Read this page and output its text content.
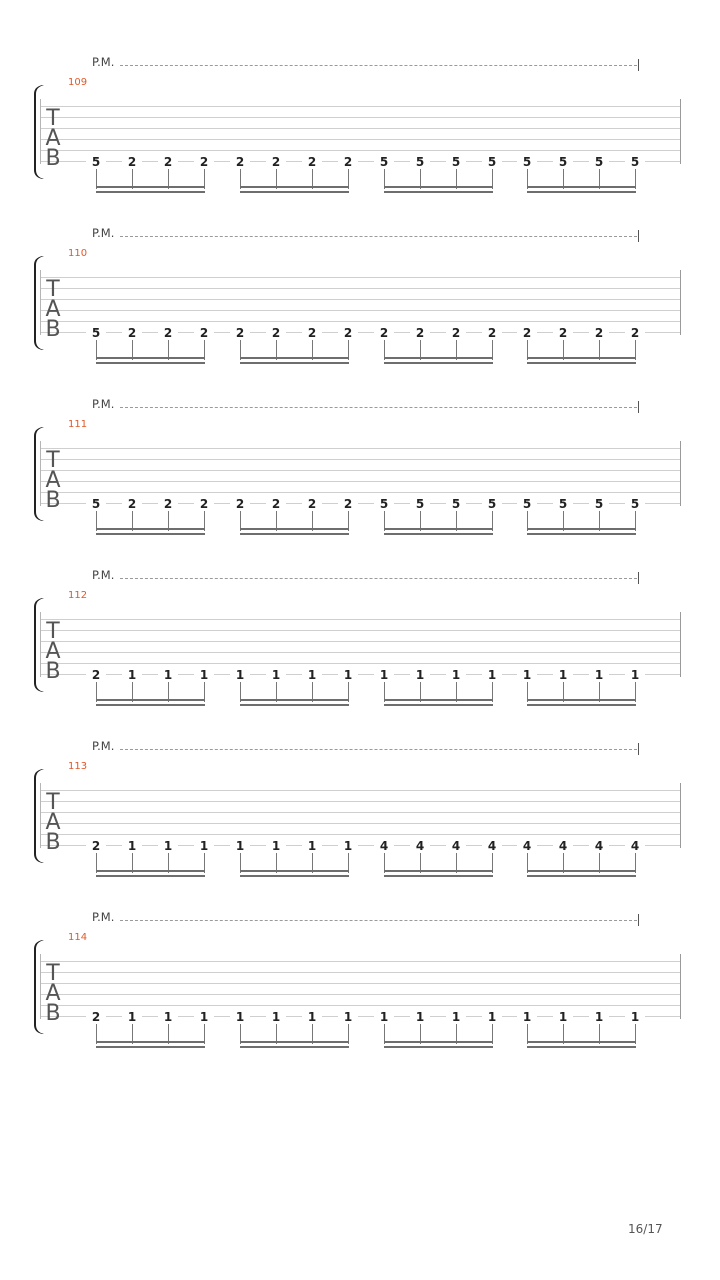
P.M.
109
T
A
B	5	2	2	2	2	2	2	2	5	5	5	5	5	5	5	5
P.M.
110
T
A
B	5	2	2	2	2	2	2	2	2	2	2	2	2	2	2	2
P.M.
111
T
A
B	5	2	2	2	2	2	2	2	5	5	5	5	5	5	5	5
P.M.
112
T
A
B	2	1	1	1	1	1	1	1	1	1	1	1	1	1	1	1
P.M.
113
T
A
B	2	1	1	1	1	1	1	1	4	4	4	4	4	4	4	4
P.M.
114
T
A
B	2	1	1	1	1	1	1	1	1	1	1	1	1	1	1	1
16/17
